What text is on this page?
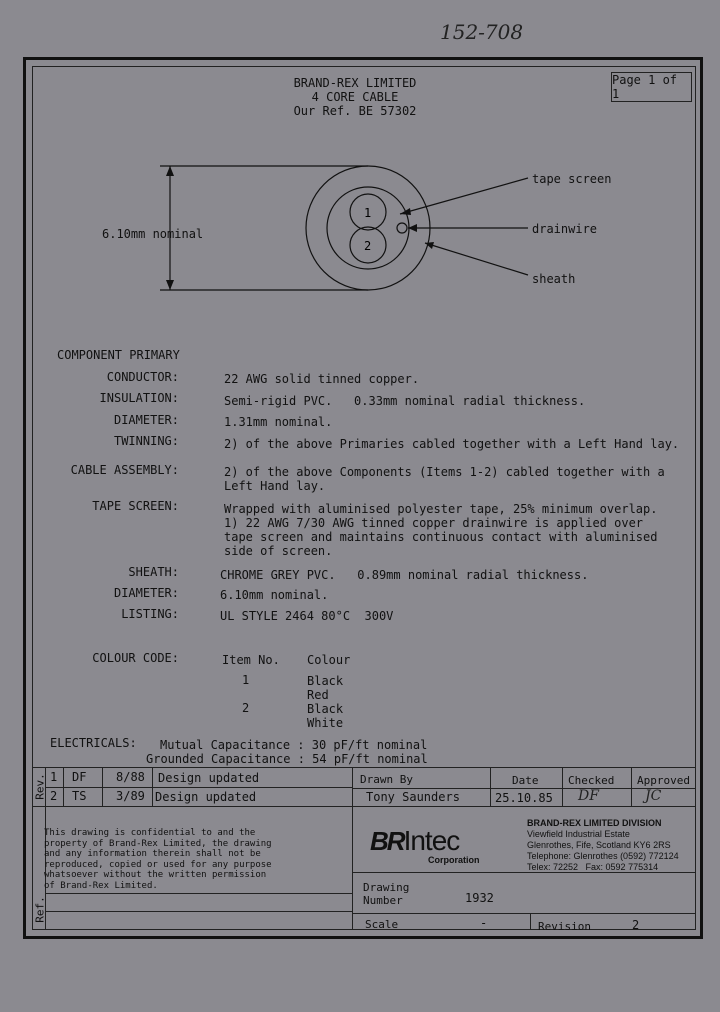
152-708
Page 1 of 1
BRAND-REX LIMITED
4 CORE CABLE
Our Ref. BE 57302
1
2
6.10mm nominal
tape screen
drainwire
sheath
COMPONENT PRIMARY
CONDUCTOR:	22 AWG solid tinned copper.
INSULATION:	Semi-rigid PVC.   0.33mm nominal radial thickness.
DIAMETER:	1.31mm nominal.
TWINNING:	2) of the above Primaries cabled together with a Left Hand lay.
CABLE ASSEMBLY:	2) of the above Components (Items 1-2) cabled together with a
Left Hand lay.
TAPE SCREEN:	Wrapped with aluminised polyester tape, 25% minimum overlap.
1) 22 AWG 7/30 AWG tinned copper drainwire is applied over
tape screen and maintains continuous contact with aluminised
side of screen.
SHEATH:	CHROME GREY PVC.   0.89mm nominal radial thickness.
DIAMETER:	6.10mm nominal.
LISTING:	UL STYLE 2464 80°C  300V
COLOUR CODE:	Item No. Colour
1	Black
Red
2	Black
White
ELECTRICALS: Mutual Capacitance : 30 pF/ft nominal
Grounded Capacitance : 54 pF/ft nominal
Rev.
Ref.
1 DF 8/88 Design updated
2 TS 3/89 Design updated
Drawn By	Date	Checked Approved
Tony Saunders	25.10.85 DF	JC
This drawing is confidential to and the
property of Brand-Rex Limited, the drawing
and any information therein shall not be
reproduced, copied or used for any purpose
whatsoever without the written permission
of Brand-Rex Limited.
BRIntec
Corporation
BRAND-REX LIMITED DIVISION
Viewfield Industrial Estate
Glenrothes, Fife, Scotland KY6 2RS
Telephone: Glenrothes (0592) 772124
Telex: 72252   Fax: 0592 775314
Drawing
Number	1932
Scale	-	Revision	2
